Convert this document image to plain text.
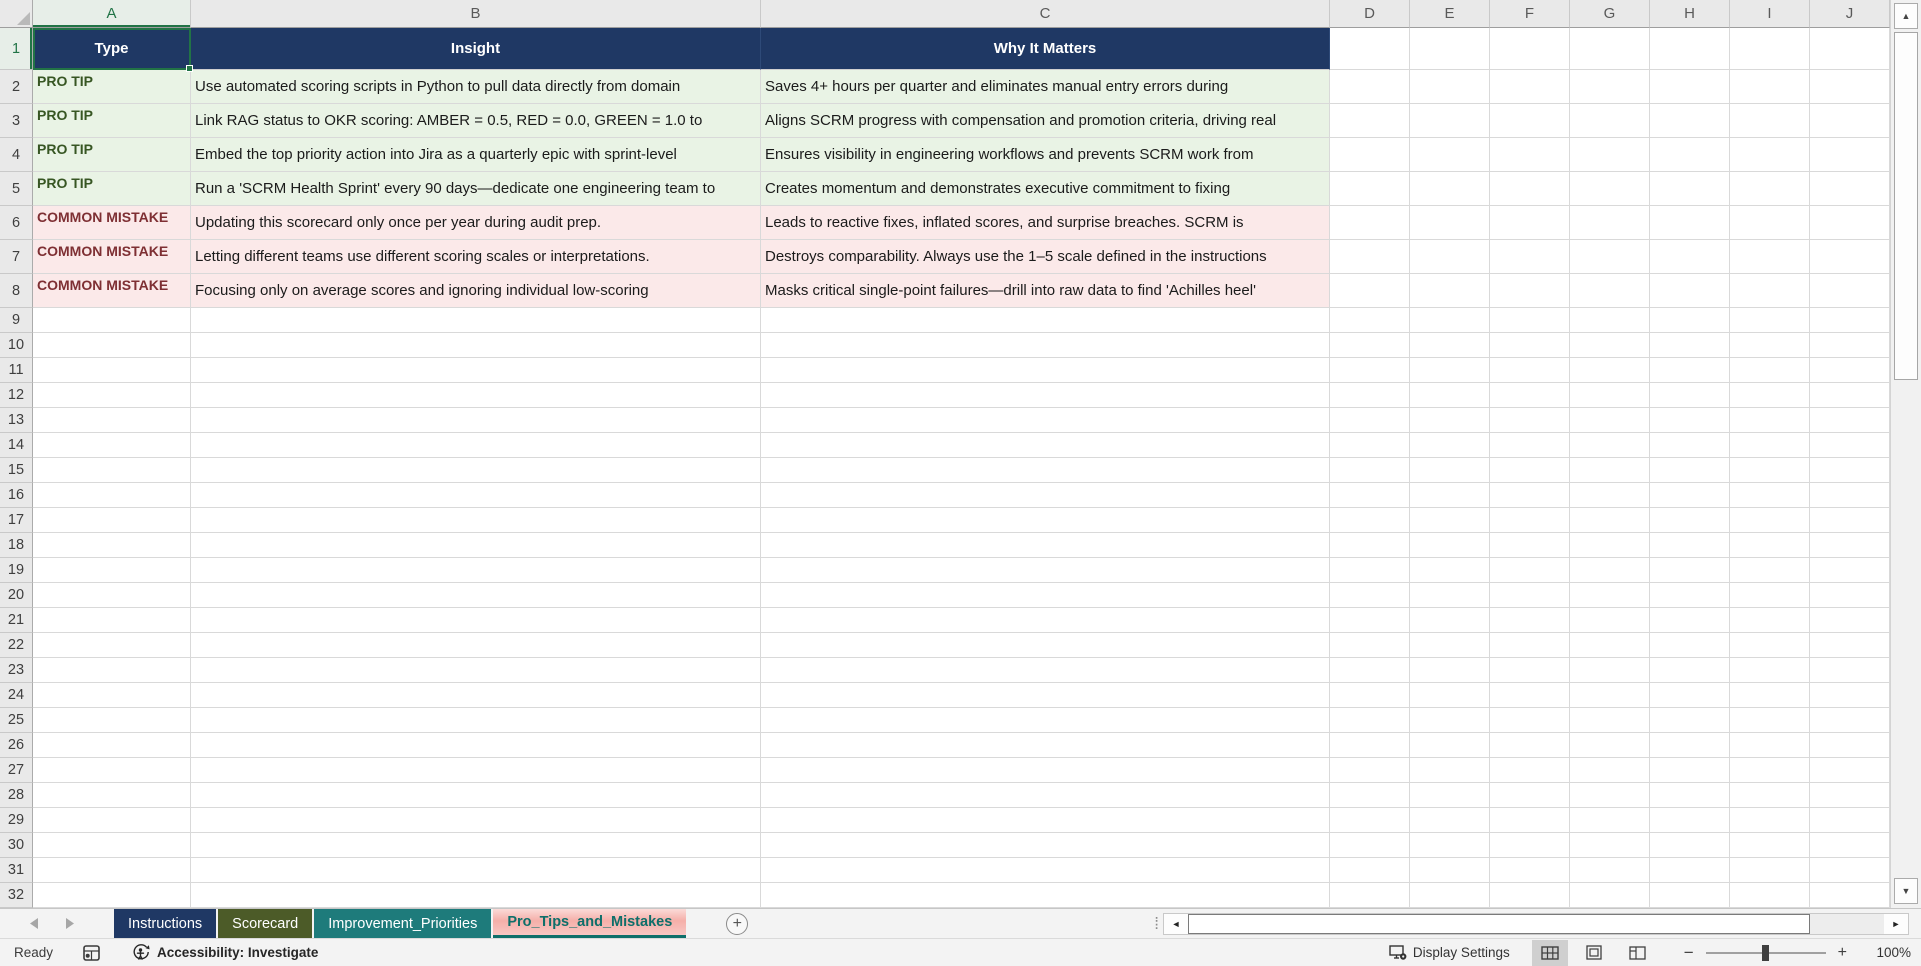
A	B	C	D	E	F	G	H	I	J
1	Type	Insight	Why It Matters
2	PRO TIP	Use automated scoring scripts in Python to pull data directly from domain	Saves 4+ hours per quarter and eliminates manual entry errors during
3	PRO TIP	Link RAG status to OKR scoring: AMBER = 0.5, RED = 0.0, GREEN = 1.0 to	Aligns SCRM progress with compensation and promotion criteria, driving real
4	PRO TIP	Embed the top priority action into Jira as a quarterly epic with sprint-level	Ensures visibility in engineering workflows and prevents SCRM work from
5	PRO TIP	Run a 'SCRM Health Sprint' every 90 days—dedicate one engineering team to	Creates momentum and demonstrates executive commitment to fixing
6	COMMON MISTAKE	Updating this scorecard only once per year during audit prep.	Leads to reactive fixes, inflated scores, and surprise breaches. SCRM is
7	COMMON MISTAKE	Letting different teams use different scoring scales or interpretations.	Destroys comparability. Always use the 1–5 scale defined in the instructions
8	COMMON MISTAKE	Focusing only on average scores and ignoring individual low-scoring	Masks critical single-point failures—drill into raw data to find 'Achilles heel'
9
10
11
12
13
14
15
16
17
18
19
20
21
22
23
24
25
26
27
28
29
30
31
32
▲
▼
Instructions	Scorecard	Improvement_Priorities	Pro_Tips_and_Mistakes	+	⁞	◄	►
Ready	Accessibility: Investigate	Display Settings	−	+	100%
